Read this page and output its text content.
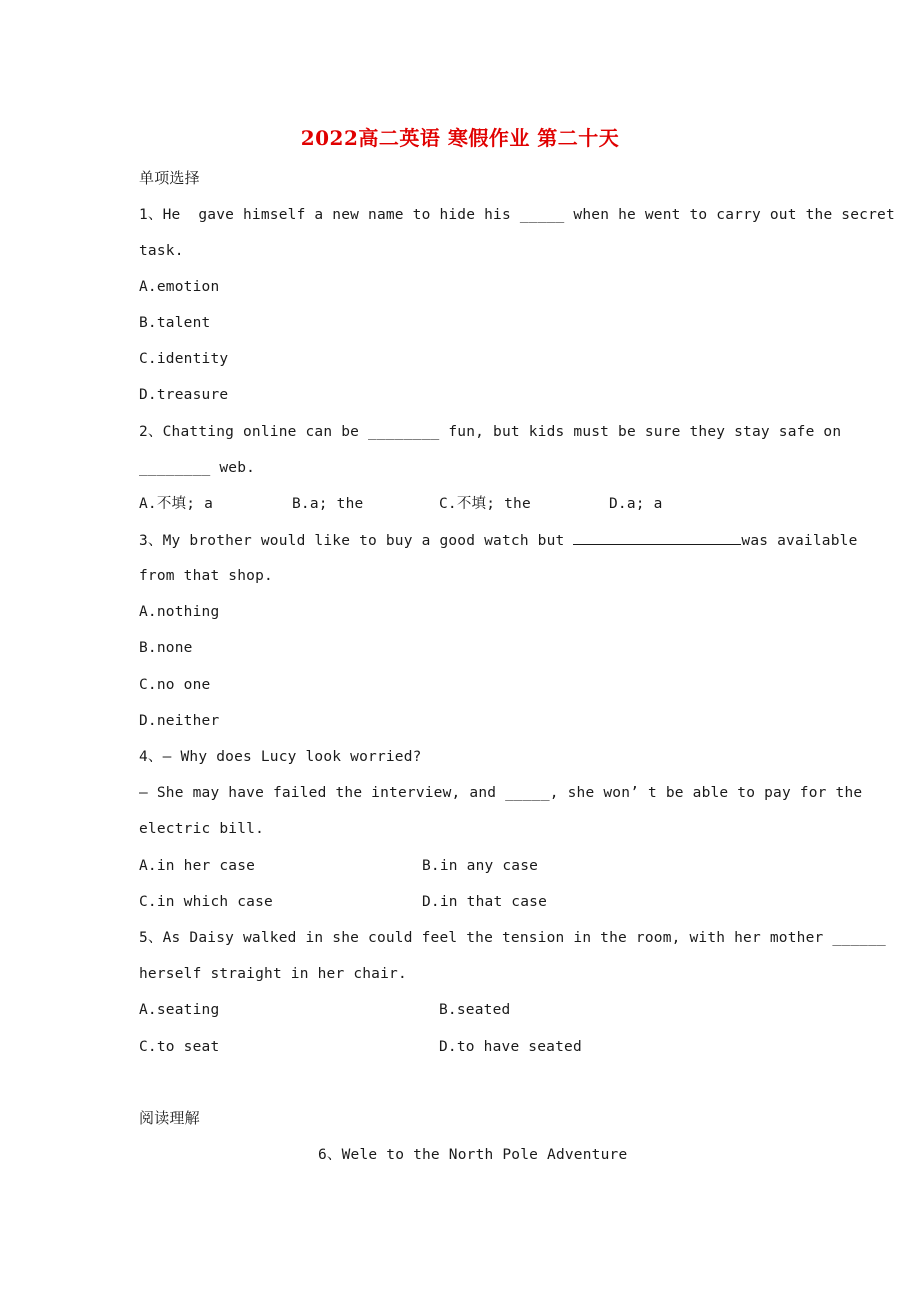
2022高二英语 寒假作业 第二十天
单项选择
1、He  gave himself a new name to hide his _____ when he went to carry out the secret
task.
A.emotion
B.talent
C.identity
D.treasure
2、Chatting online can be ________ fun, but kids must be sure they stay safe on
________ web.
A.不填; a	B.a; the	C.不填; the	D.a; a
3、My brother would like to buy a good watch but	was available
from that shop.
A.nothing
B.none
C.no one
D.neither
4、— Why does Lucy look worried?
— She may have failed the interview, and _____, she won’ t be able to pay for the
electric bill.
A.in her case	B.in any case
C.in which case	D.in that case
5、As Daisy walked in she could feel the tension in the room, with her mother ______
herself straight in her chair.
A.seating	B.seated
C.to seat	D.to have seated
阅读理解
6、Wele to the North Pole Adventure
